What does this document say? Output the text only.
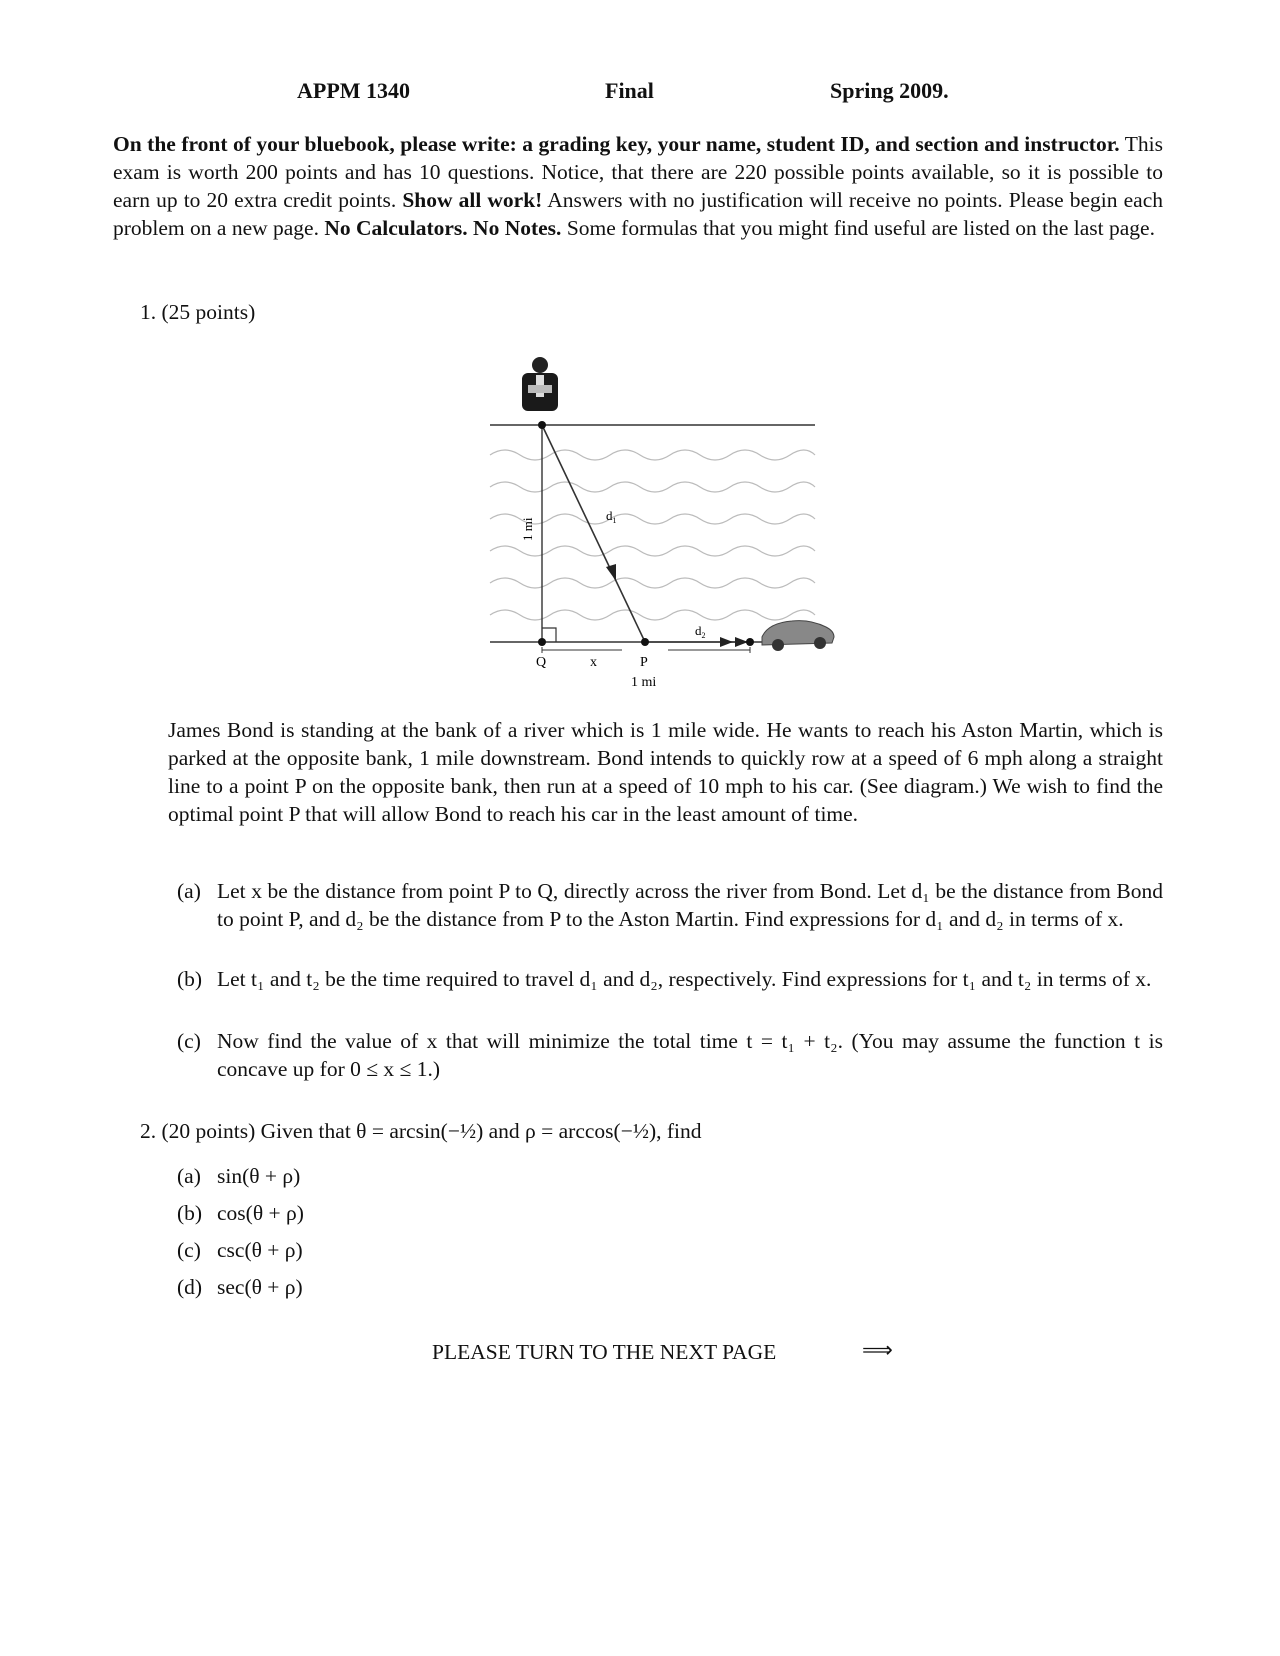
APPM 1340	Final	Spring 2009.
On the front of your bluebook, please write: a grading key, your name, student ID, and section and instructor. This exam is worth 200 points and has 10 questions. Notice, that there are 220 possible points available, so it is possible to earn up to 20 extra credit points. Show all work! Answers with no justification will receive no points. Please begin each problem on a new page. No Calculators. No Notes. Some formulas that you might find useful are listed on the last page.
1. (25 points)
1 mi
$d_1$
$d_2$
Q	x	P
1 mi
James Bond is standing at the bank of a river which is 1 mile wide. He wants to reach his Aston Martin, which is parked at the opposite bank, 1 mile downstream. Bond intends to quickly row at a speed of 6 mph along a straight line to a point P on the opposite bank, then run at a speed of 10 mph to his car. (See diagram.) We wish to find the optimal point P that will allow Bond to reach his car in the least amount of time.
(a) Let x be the distance from point P to Q, directly across the river from Bond. Let d₁ be the distance from Bond to point P, and d₂ be the distance from P to the Aston Martin. Find expressions for d₁ and d₂ in terms of x.
(b) Let t₁ and t₂ be the time required to travel d₁ and d₂, respectively. Find expressions for t₁ and t₂ in terms of x.
(c) Now find the value of x that will minimize the total time t = t₁ + t₂. (You may assume the function t is concave up for 0 ≤ x ≤ 1.)
2. (20 points) Given that θ = arcsin(−½) and ρ = arccos(−½), find
(a) sin(θ + ρ)
(b) cos(θ + ρ)
(c) csc(θ + ρ)
(d) sec(θ + ρ)
PLEASE TURN TO THE NEXT PAGE	⟹
